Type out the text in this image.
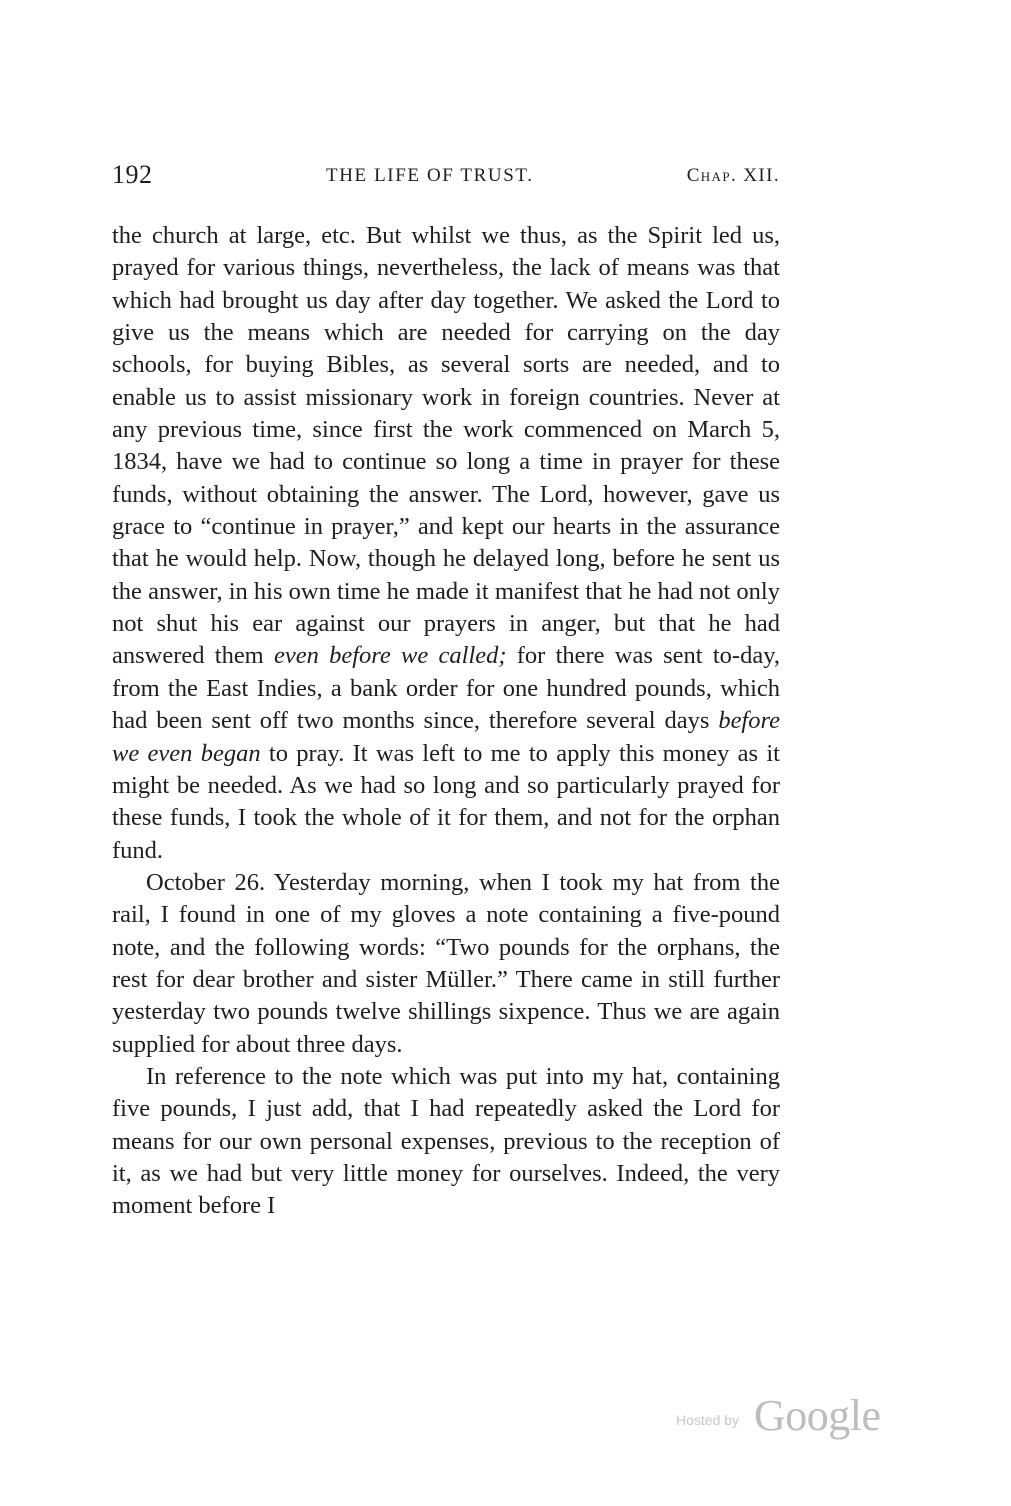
192	THE LIFE OF TRUST.	Chap. XII.

the church at large, etc. But whilst we thus, as the Spirit led us, prayed for various things, nevertheless, the lack of means was that which had brought us day after day together. We asked the Lord to give us the means which are needed for carrying on the day schools, for buying Bibles, as several sorts are needed, and to enable us to assist missionary work in foreign countries. Never at any previous time, since first the work commenced on March 5, 1834, have we had to continue so long a time in prayer for these funds, without obtaining the answer. The Lord, however, gave us grace to “continue in prayer,” and kept our hearts in the assurance that he would help. Now, though he delayed long, before he sent us the answer, in his own time he made it manifest that he had not only not shut his ear against our prayers in anger, but that he had answered them even before we called; for there was sent to-day, from the East Indies, a bank order for one hundred pounds, which had been sent off two months since, therefore several days before we even began to pray. It was left to me to apply this money as it might be needed. As we had so long and so particularly prayed for these funds, I took the whole of it for them, and not for the orphan fund.

October 26. Yesterday morning, when I took my hat from the rail, I found in one of my gloves a note containing a five-pound note, and the following words: “Two pounds for the orphans, the rest for dear brother and sister Müller.” There came in still further yesterday two pounds twelve shillings sixpence. Thus we are again supplied for about three days.

In reference to the note which was put into my hat, containing five pounds, I just add, that I had repeatedly asked the Lord for means for our own personal expenses, previous to the reception of it, as we had but very little money for ourselves. Indeed, the very moment before I

Hosted by Google
